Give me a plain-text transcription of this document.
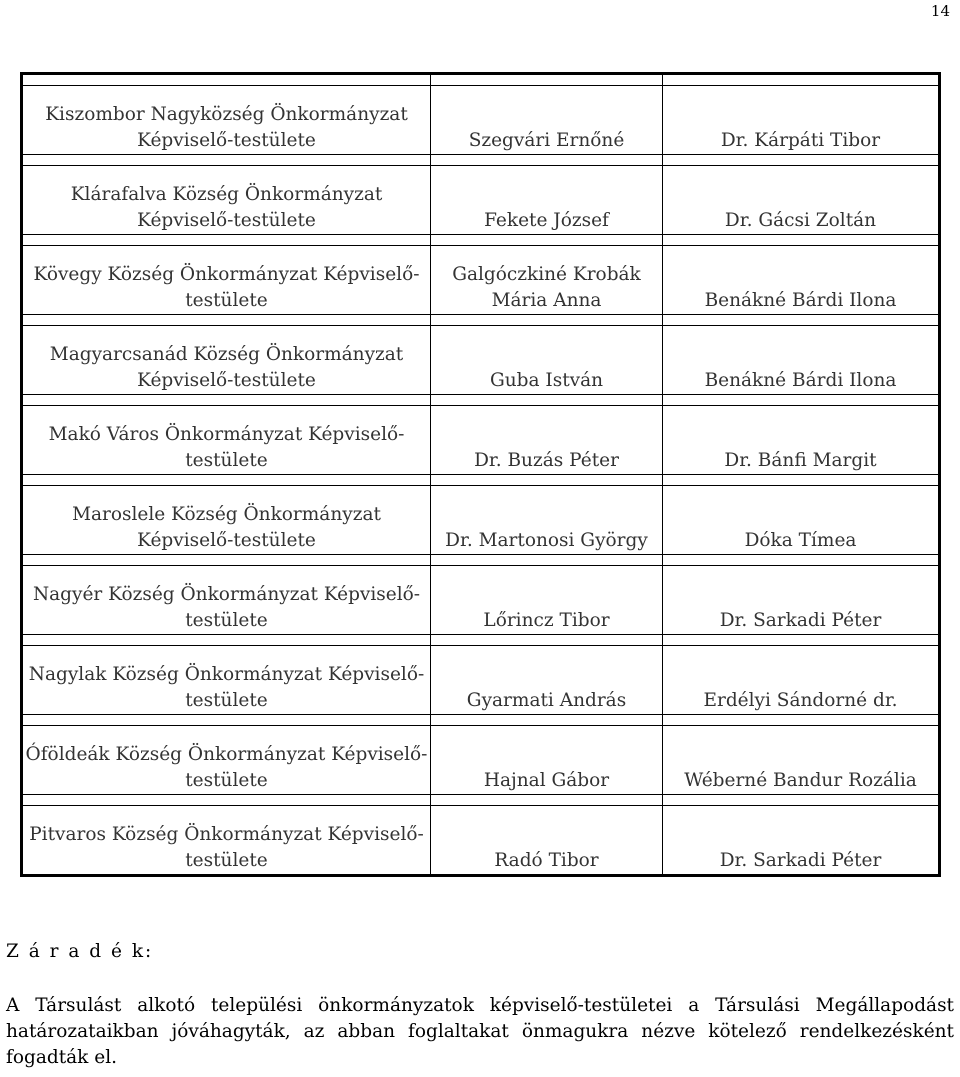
14

Kiszombor Nagyközség Önkormányzat Képviselő-testülete	Szegvári Ernőné	Dr. Kárpáti Tibor

Klárafalva Község Önkormányzat Képviselő-testülete	Fekete József	Dr. Gácsi Zoltán

Kövegy Község Önkormányzat Képviselő-testülete	Galgóczkiné Krobák Mária Anna	Benákné Bárdi Ilona

Magyarcsanád Község Önkormányzat Képviselő-testülete	Guba István	Benákné Bárdi Ilona

Makó Város Önkormányzat Képviselő-testülete	Dr. Buzás Péter	Dr. Bánfi Margit

Maroslele Község Önkormányzat Képviselő-testülete	Dr. Martonosi György	Dóka Tímea

Nagyér Község Önkormányzat Képviselő-testülete	Lőrincz Tibor	Dr. Sarkadi Péter

Nagylak Község Önkormányzat Képviselő-testülete	Gyarmati András	Erdélyi Sándorné dr.

Óföldeák Község Önkormányzat Képviselő-testülete	Hajnal Gábor	Wéberné Bandur Rozália

Pitvaros Község Önkormányzat Képviselő-testülete	Radó Tibor	Dr. Sarkadi Péter
Z á r a d é k:
A Társulást alkotó települési önkormányzatok képviselő-testületei a Társulási Megállapodást határozataikban jóváhagyták, az abban foglaltakat önmagukra nézve kötelező rendelkezésként fogadták el.
